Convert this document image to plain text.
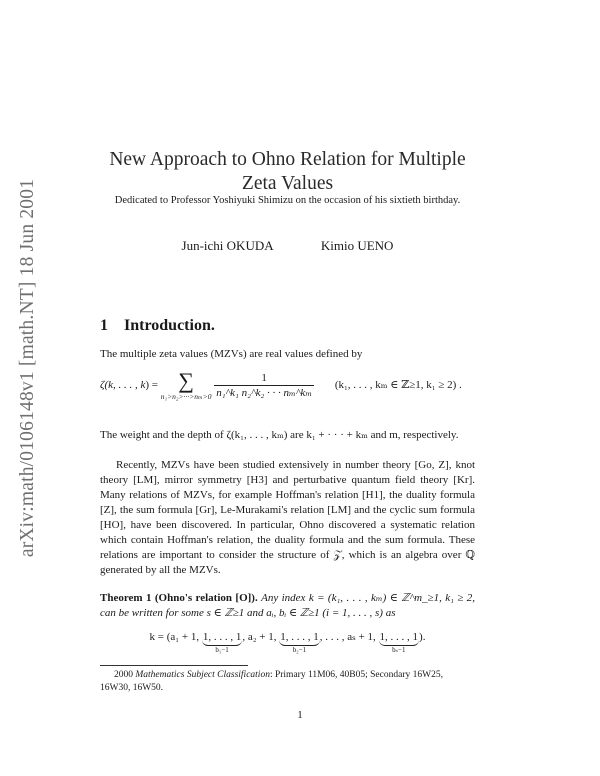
arXiv:math/0106148v1 [math.NT] 18 Jun 2001
New Approach to Ohno Relation for Multiple Zeta Values
Dedicated to Professor Yoshiyuki Shimizu on the occasion of his sixtieth birthday.
Jun-ichi OKUDA	Kimio UENO
1 Introduction.
The multiple zeta values (MZVs) are real values defined by
ζ(k, . . . , k) = ∑
n₁>n₂>···>nₘ>0
$\frac{1}{\text{n₁\textasciicircum{}k₁ n₂\textasciicircum{}k₂ · · · nₘ\textasciicircum{}kₘ}} (k_1$, . . . , kₘ ∈ ℤ≥1, k₁ ≥ 2) .
The weight and the depth of ζ(k₁, . . . , kₘ) are k₁ + · · · + kₘ and m, respectively.
Recently, MZVs have been studied extensively in number theory [Go, Z], knot theory [LM], mirror symmetry [H3] and perturbative quantum field theory [Kr]. Many relations of MZVs, for example Hoffman's relation [H1], the duality formula [Z], the sum formula [Gr], Le-Murakami's relation [LM] and the cyclic sum formula [HO], have been discovered. In particular, Ohno discovered a systematic relation which contain Hoffman's relation, the duality formula and the sum formula. These relations are important to consider the structure of 𝒵, which is an algebra over ℚ generated by all the MZVs.
Theorem 1 (Ohno's relation [O]). Any index k = (k₁, . . . , kₘ) ∈ ℤ^m_≥1, k₁ ≥ 2, can be written for some s ∈ ℤ≥1 and aᵢ, bᵢ ∈ ℤ≥1 (i = 1, . . . , s) as
k = (a₁ + 1, 1, . . . , 1
b₁−1
, a₂ + 1, 1, . . . , 1
b₂−1
, . . . , aₛ + 1, 1, . . . , 1
bₛ−1
).
2000 Mathematics Subject Classification: Primary 11M06, 40B05; Secondary 16W25, 16W30, 16W50.
1
